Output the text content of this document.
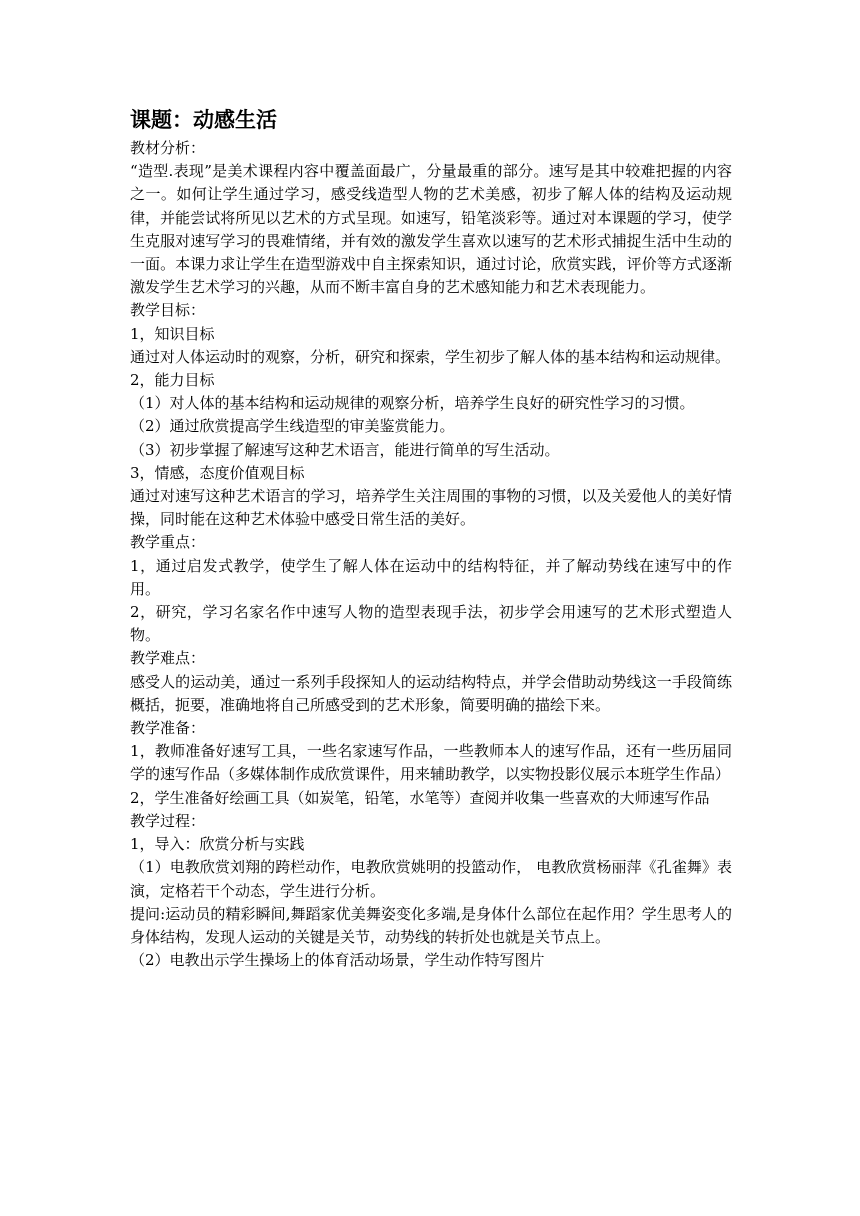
课题：动感生活

教材分析：

“造型.表现”是美术课程内容中覆盖面最广，分量最重的部分。速写是其中较难把握的内容之一。如何让学生通过学习，感受线造型人物的艺术美感，初步了解人体的结构及运动规律，并能尝试将所见以艺术的方式呈现。如速写，铅笔淡彩等。通过对本课题的学习，使学生克服对速写学习的畏难情绪，并有效的激发学生喜欢以速写的艺术形式捕捉生活中生动的一面。本课力求让学生在造型游戏中自主探索知识，通过讨论，欣赏实践，评价等方式逐渐激发学生艺术学习的兴趣，从而不断丰富自身的艺术感知能力和艺术表现能力。

教学目标：

1，知识目标

通过对人体运动时的观察，分析，研究和探索，学生初步了解人体的基本结构和运动规律。

2，能力目标

（1）对人体的基本结构和运动规律的观察分析，培养学生良好的研究性学习的习惯。

（2）通过欣赏提高学生线造型的审美鉴赏能力。

（3）初步掌握了解速写这种艺术语言，能进行简单的写生活动。

3，情感，态度价值观目标

通过对速写这种艺术语言的学习，培养学生关注周围的事物的习惯，以及关爱他人的美好情操，同时能在这种艺术体验中感受日常生活的美好。

教学重点：

1，通过启发式教学，使学生了解人体在运动中的结构特征，并了解动势线在速写中的作用。

2，研究，学习名家名作中速写人物的造型表现手法，初步学会用速写的艺术形式塑造人物。

教学难点：

感受人的运动美，通过一系列手段探知人的运动结构特点，并学会借助动势线这一手段简练概括，扼要，准确地将自己所感受到的艺术形象，简要明确的描绘下来。

教学准备：

1，教师准备好速写工具，一些名家速写作品，一些教师本人的速写作品，还有一些历届同学的速写作品（多媒体制作成欣赏课件，用来辅助教学，以实物投影仪展示本班学生作品）

2，学生准备好绘画工具（如炭笔，铅笔，水笔等）查阅并收集一些喜欢的大师速写作品

教学过程：

1，导入：欣赏分析与实践

（1）电教欣赏刘翔的跨栏动作，电教欣赏姚明的投篮动作， 电教欣赏杨丽萍《孔雀舞》表演，定格若干个动态，学生进行分析。

提问:运动员的精彩瞬间,舞蹈家优美舞姿变化多端,是身体什么部位在起作用？学生思考人的身体结构，发现人运动的关键是关节，动势线的转折处也就是关节点上。

（2）电教出示学生操场上的体育活动场景，学生动作特写图片
